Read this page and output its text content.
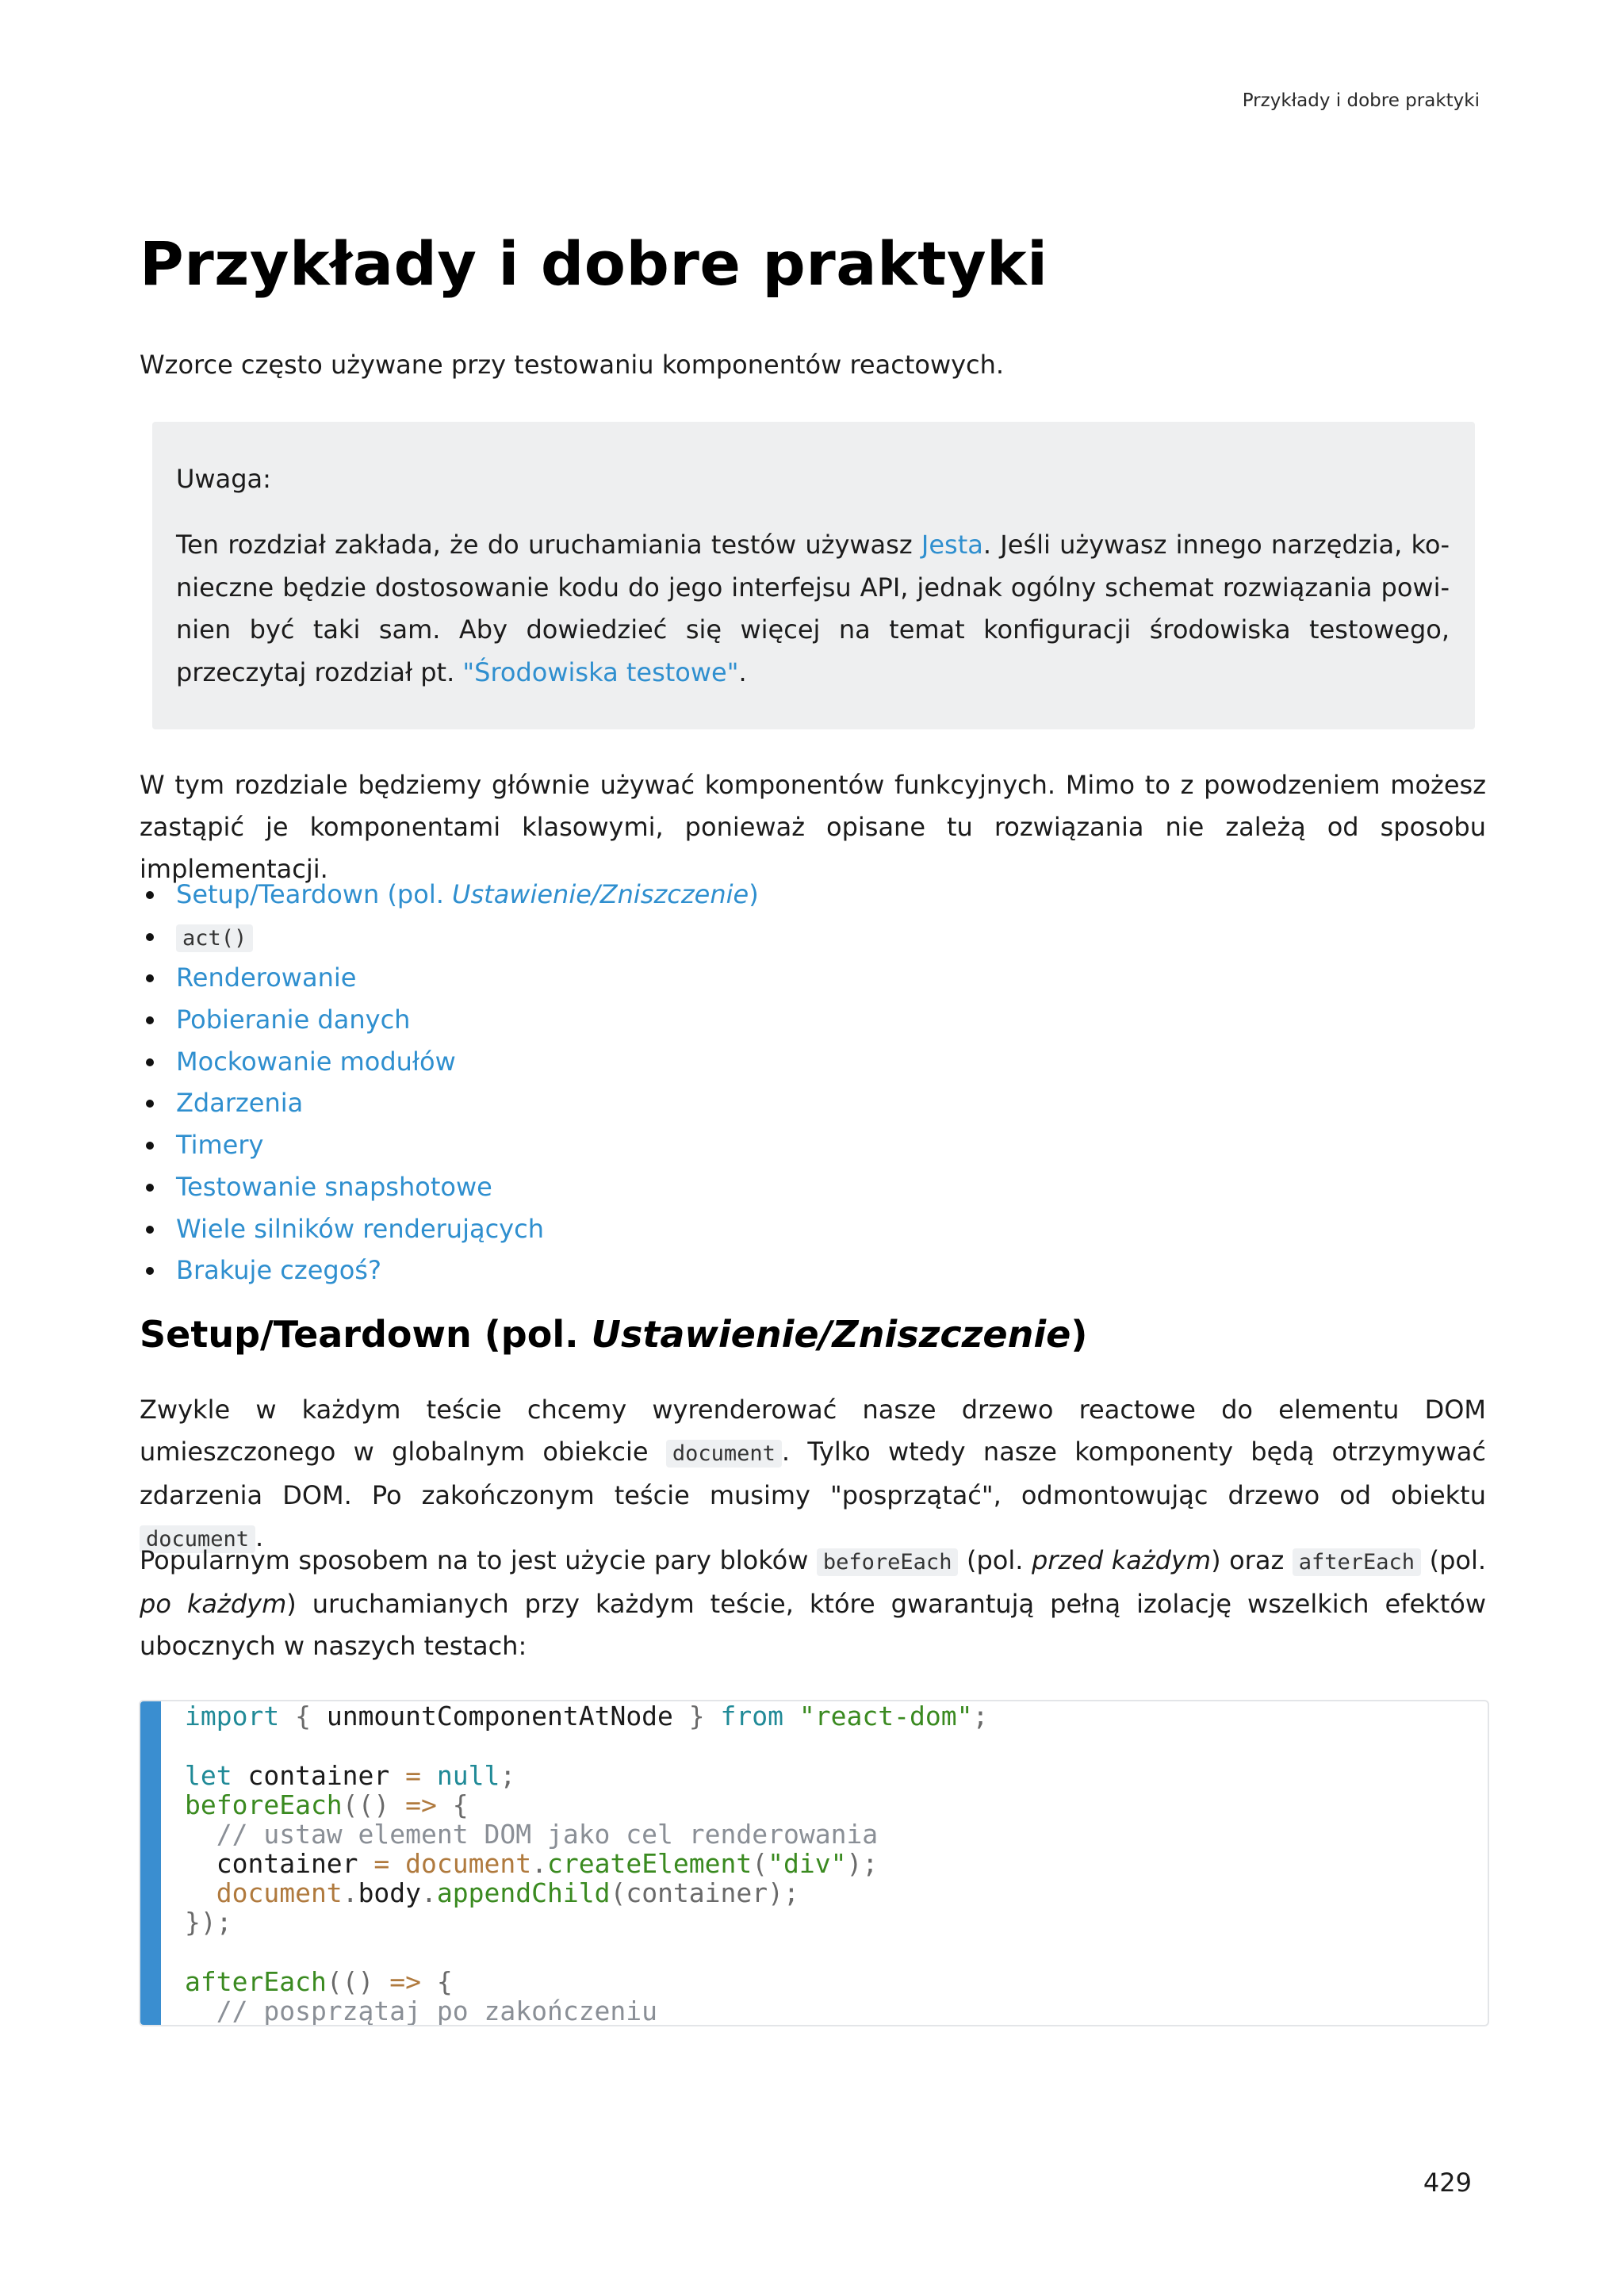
Przykłady i dobre praktyki
Przykłady i dobre praktyki

Wzorce często używane przy testowaniu komponentów reactowych.

Uwaga:

Ten rozdział zakłada, że do uruchamiania testów używasz Jesta. Jeśli używasz innego narzędzia, konieczne będzie dostosowanie kodu do jego interfejsu API, jednak ogólny schemat rozwiązania powinien być taki sam. Aby dowiedzieć się więcej na temat konfiguracji środowiska testowego, przeczytaj rozdział pt. "Środowiska testowe".

W tym rozdziale będziemy głównie używać komponentów funkcyjnych. Mimo to z powodzeniem możesz zastąpić je komponentami klasowymi, ponieważ opisane tu rozwiązania nie zależą od sposobu implementacji.

Setup/Teardown (pol. Ustawienie/Zniszczenie)
act()
Renderowanie
Pobieranie danych
Mockowanie modułów
Zdarzenia
Timery
Testowanie snapshotowe
Wiele silników renderujących
Brakuje czegoś?
Setup/Teardown (pol. Ustawienie/Zniszczenie)

Zwykle w każdym teście chcemy wyrenderować nasze drzewo reactowe do elementu DOM umieszczonego w globalnym obiekcie document . Tylko wtedy nasze komponenty będą otrzymywać zdarzenia DOM. Po zakończonym teście musimy "posprzątać", odmontowując drzewo od obiektu document .

Popularnym sposobem na to jest użycie pary bloków beforeEach (pol. przed każdym) oraz afterEach (pol. po każdym) uruchamianych przy każdym teście, które gwarantują pełną izolację wszelkich efektów ubocznych w naszych testach:

import { unmountComponentAtNode } from "react-dom";
let container = null;
beforeEach(() => {
// ustaw element DOM jako cel renderowania
container = document.createElement("div");
document.body.appendChild(container);
});
afterEach(() => {
// posprzątaj po zakończeniu
429
